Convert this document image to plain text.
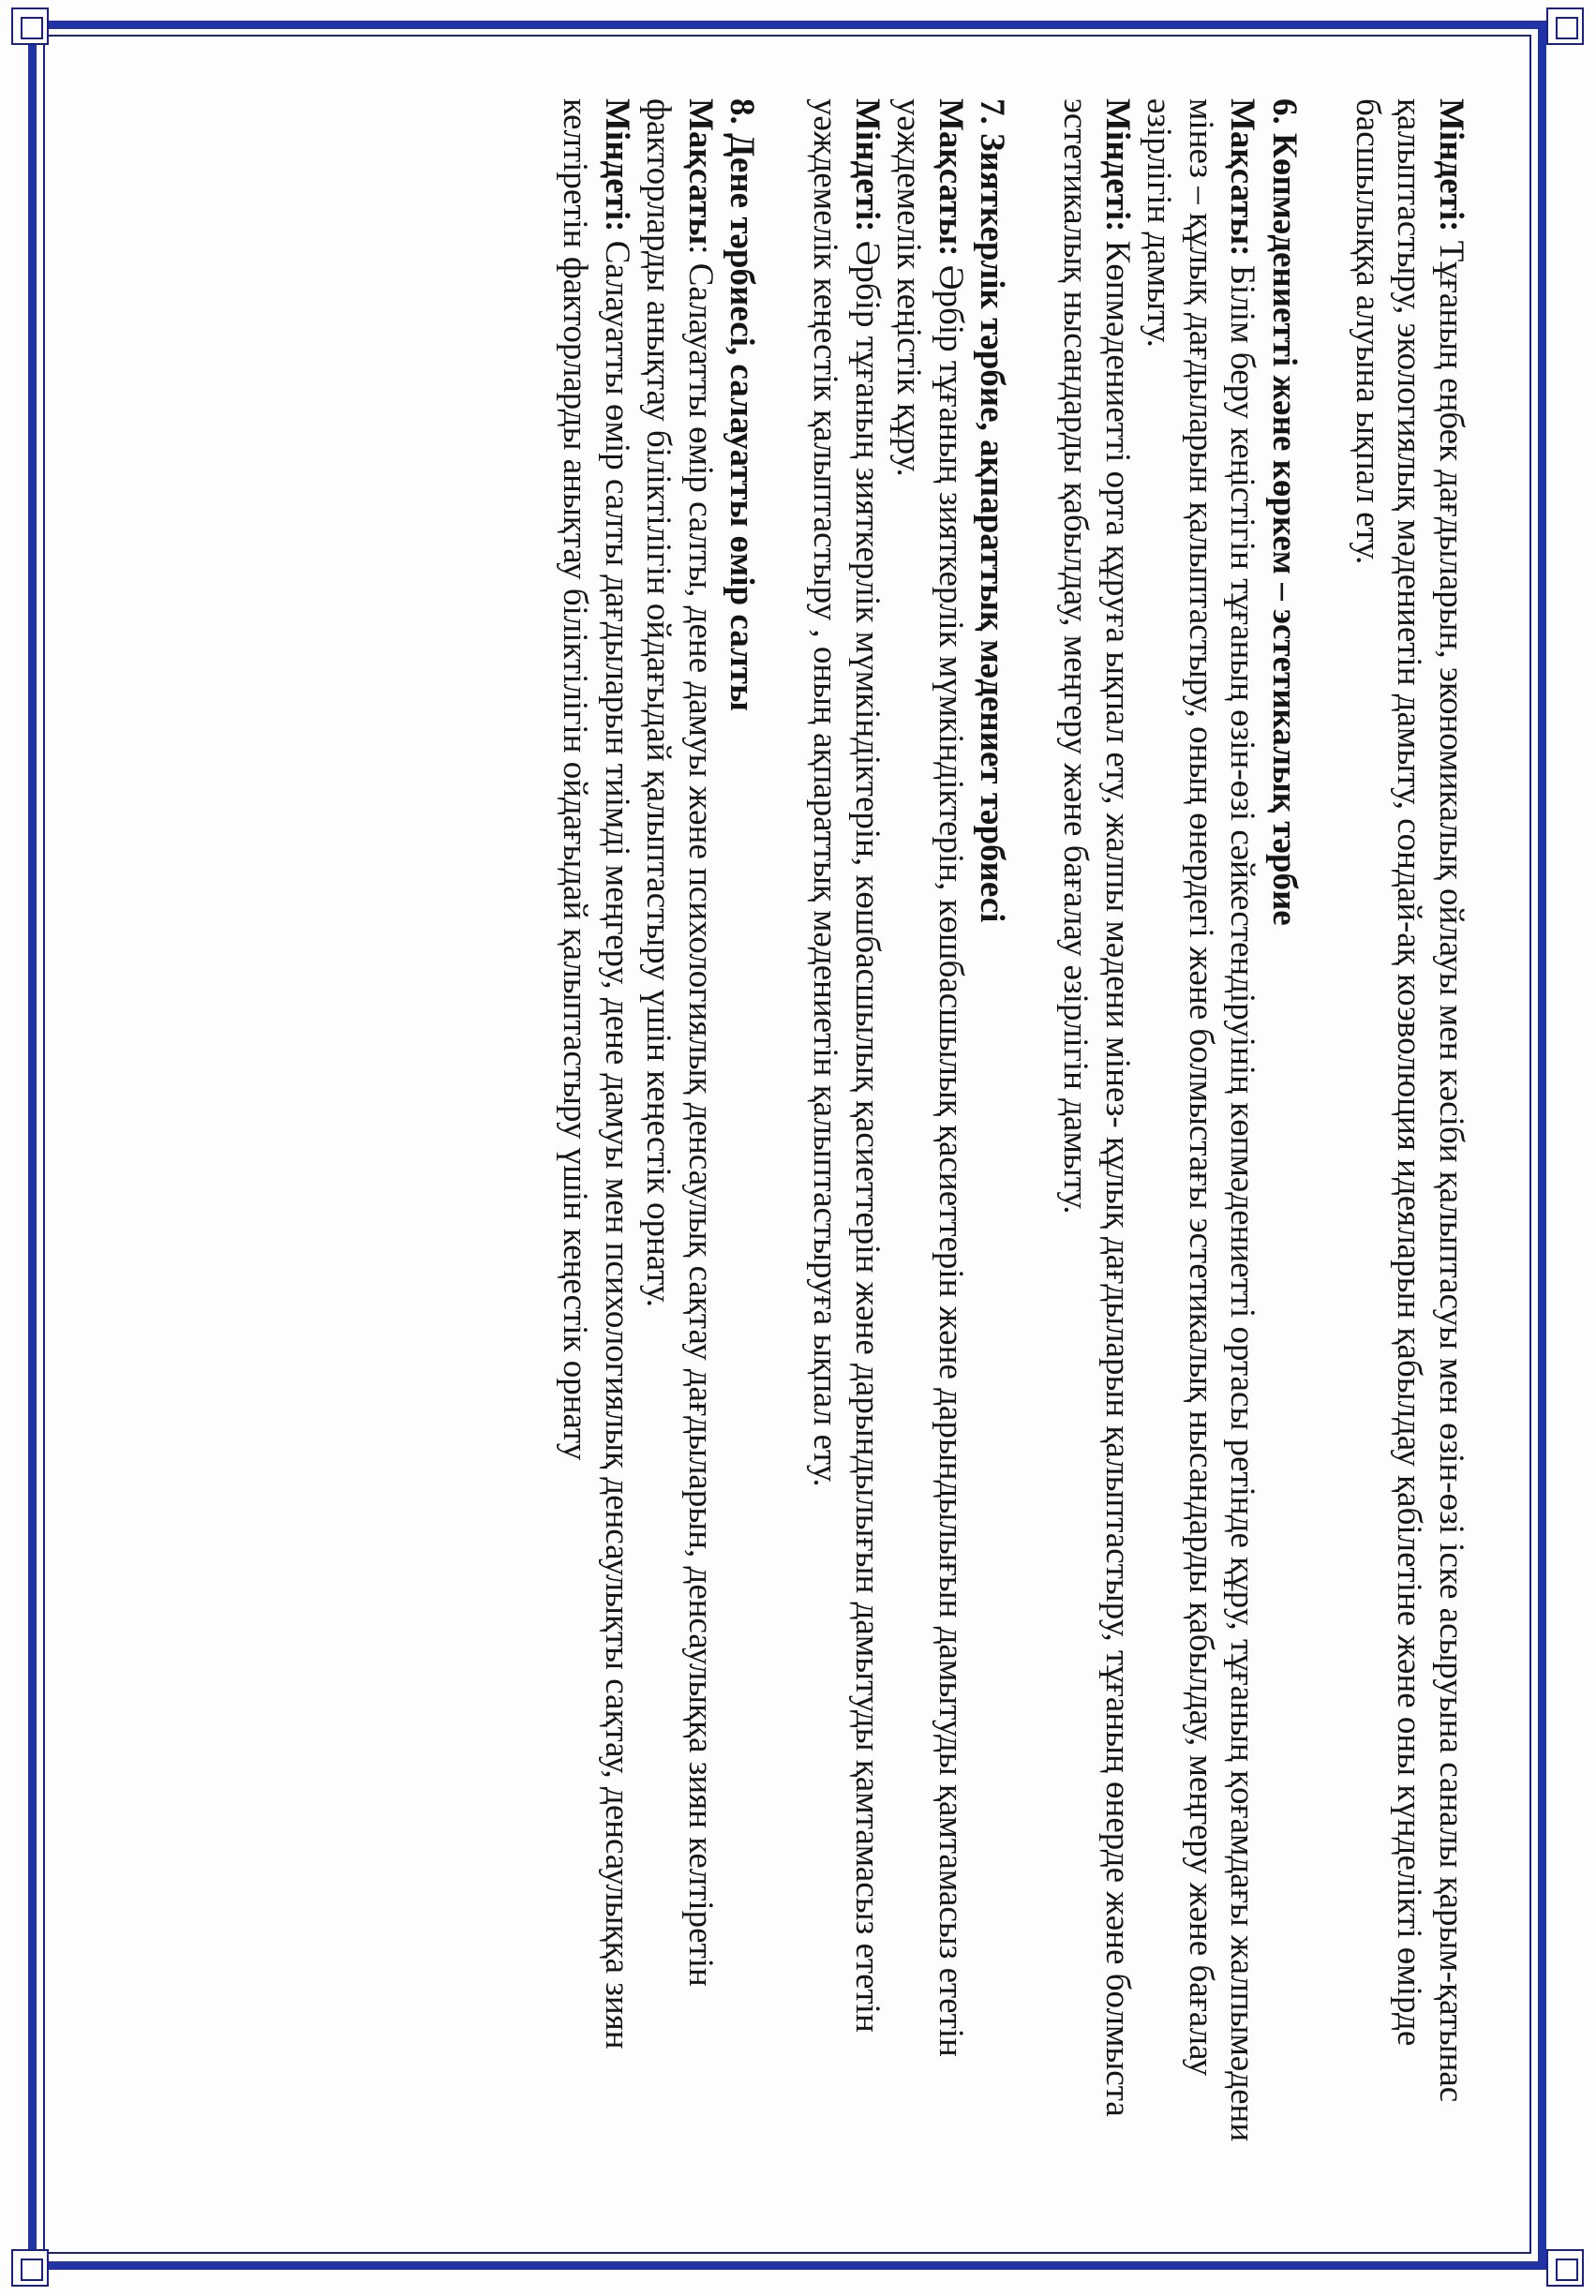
Міндеті: Тұғаның еңбек дағдыларын, экономикалық ойлауы мен кәсіби қалыптасуы мен өзін-өзі іске асыруына саналы қарым-қатынас қалыптастыру, экологиялық мәдениетін дамыту, сондай-ақ коэволюция идеяларын қабылдау қабілетіне және оны күнделікті өмірде басшылыққа алуына ықпал ету.

6. Көпмәдениетті және көркем – эстетикалық тәрбие

Мақсаты: Білім беру кеңістігін тұғаның өзін-өзі сәйкестендіруінің көпмәдениетті ортасы ретінде құру, тұғаның қоғамдағы жалпымәдени мінез – құлық дағдыларын қалыптастыру, оның өнердегі және болмыстағы эстетикалық нысандарды қабылдау, меңгеру және бағалау әзірлігін дамыту.

Міндеті: Көпмәдениетті орта құруға ықпал ету, жалпы мәдени мінез- құлық дағдыларын қалыптастыру, тұғаның өнерде және болмыста эстетикалық нысандарды қабылдау, меңгеру және бағалау әзірлігін дамыту.

7. Зияткерлік тәрбие, ақпараттық мәдениет тәрбиесі

Мақсаты: Әрбір тұғаның зияткерлік мүмкіндіктерін, көшбасшылық қасиеттерін және дарындылығын дамытуды қамтамасыз ететін уәждемелік кеңістік құру.

Міндеті: Әрбір тұғаның зияткерлік мүмкіндіктерін, көшбасшылық қасиеттерін және дарындылығын дамытуды қамтамасыз ететін уәждемелік кеңестік қалыптастыру , оның ақпараттық мәдениетін қалыптастыруға ықпал ету.

8. Дене тәрбиесі, салауатты өмір салты

Мақсаты: Салауатты өмір салты, дене дамуы және психологиялық денсаулық сақтау дағдыларын, денсаулыққа зиян келтіретін факторларды анықтау біліктілігін ойдағыдай қалыптастыру үшін кеңестік орнату.

Міндеті: Салауатты өмір салты дағдыларын тиімді меңгеру, дене дамуы мен психологиялық денсаулықты сақтау, денсаулыққа зиян келтіретін факторларды анықтау біліктілігін ойдағыдай қалыптастыру үшін кеңестік орнату
